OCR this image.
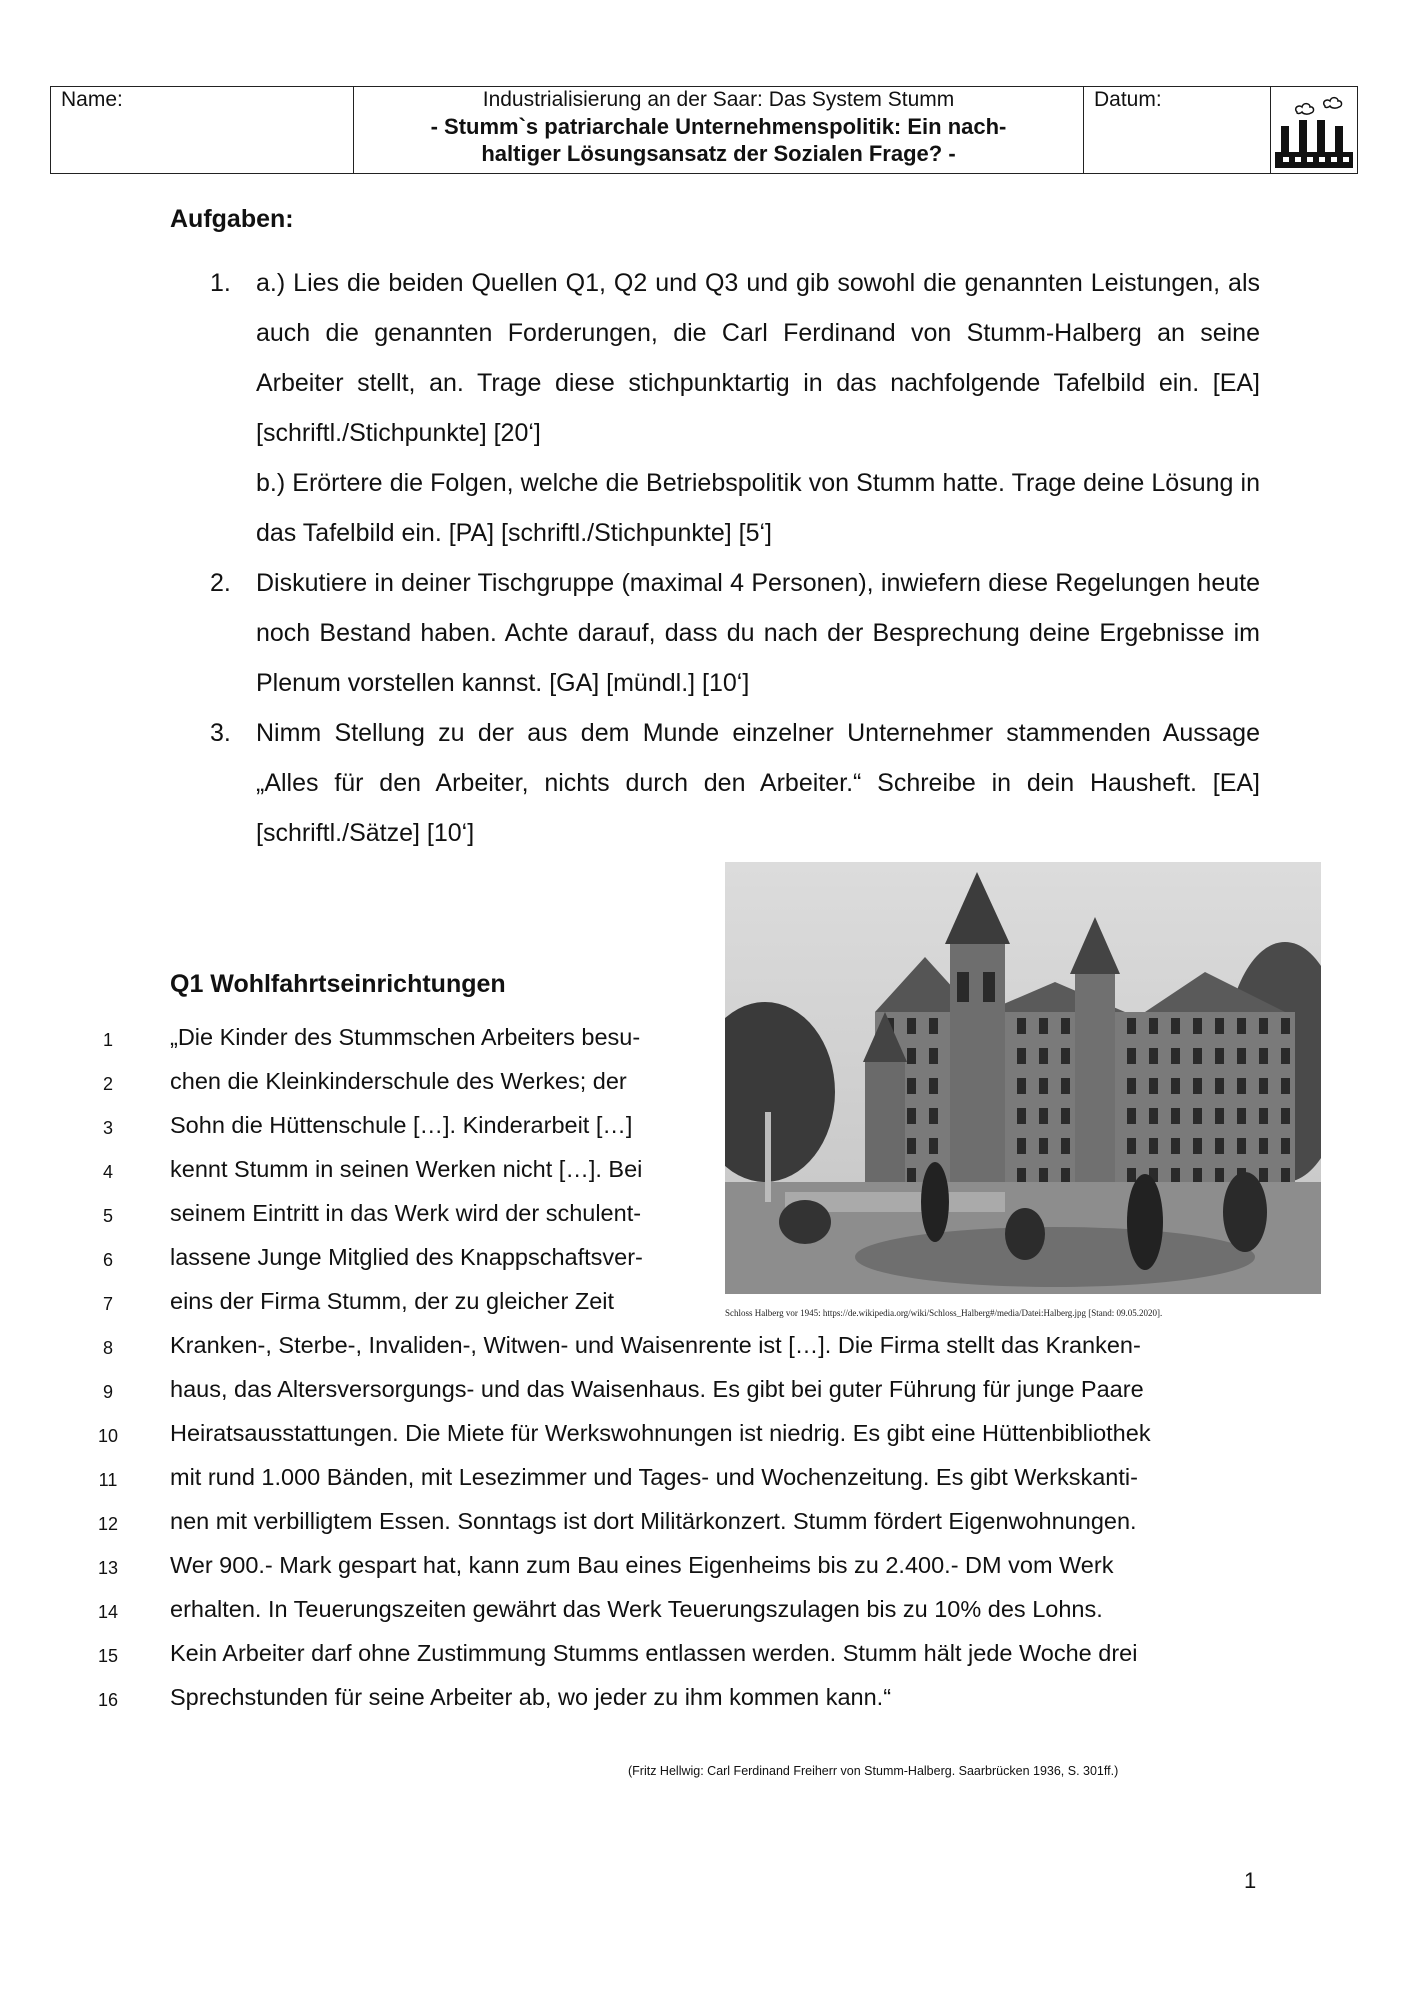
Name:	Industrialisierung an der Saar: Das System Stumm
- Stumm`s patriarchale Unternehmenspolitik: Ein nach-
haltiger Lösungsansatz der Sozialen Frage? -
Datum:
Aufgaben:
1. a.) Lies die beiden Quellen Q1, Q2 und Q3 und gib sowohl die genannten Leistungen, als auch die genannten Forderungen, die Carl Ferdinand von Stumm-Halberg an seine Arbeiter stellt, an. Trage diese stichpunktartig in das nachfolgende Tafelbild ein. [EA] [schriftl./Stichpunkte] [20‘]
b.) Erörtere die Folgen, welche die Betriebspolitik von Stumm hatte. Trage deine Lösung in das Tafelbild ein. [PA] [schriftl./Stichpunkte] [5‘]
2. Diskutiere in deiner Tischgruppe (maximal 4 Personen), inwiefern diese Regelungen heute noch Bestand haben. Achte darauf, dass du nach der Besprechung deine Ergebnisse im Plenum vorstellen kannst. [GA] [mündl.] [10‘]
3. Nimm Stellung zu der aus dem Munde einzelner Unternehmer stammenden Aussage „Alles für den Arbeiter, nichts durch den Arbeiter.“ Schreibe in dein Hausheft. [EA] [schriftl./Sätze] [10‘]
Schloss Halberg vor 1945: https://de.wikipedia.org/wiki/Schloss_Halberg#/media/Datei:Halberg.jpg [Stand: 09.05.2020].
Q1 Wohlfahrtseinrichtungen
1	„Die Kinder des Stummschen Arbeiters besu-
2	chen die Kleinkinderschule des Werkes; der
3	Sohn die Hüttenschule […]. Kinderarbeit […]
4	kennt Stumm in seinen Werken nicht […]. Bei
5	seinem Eintritt in das Werk wird der schulent-
6	lassene Junge Mitglied des Knappschaftsver-
7	eins der Firma Stumm, der zu gleicher Zeit
8	Kranken-, Sterbe-, Invaliden-, Witwen- und Waisenrente ist […]. Die Firma stellt das Kranken-
9	haus, das Altersversorgungs- und das Waisenhaus. Es gibt bei guter Führung für junge Paare
10	Heiratsausstattungen. Die Miete für Werkswohnungen ist niedrig. Es gibt eine Hüttenbibliothek
11	mit rund 1.000 Bänden, mit Lesezimmer und Tages- und Wochenzeitung. Es gibt Werkskanti-
12	nen mit verbilligtem Essen. Sonntags ist dort Militärkonzert. Stumm fördert Eigenwohnungen.
13	Wer 900.- Mark gespart hat, kann zum Bau eines Eigenheims bis zu 2.400.- DM vom Werk
14	erhalten. In Teuerungszeiten gewährt das Werk Teuerungszulagen bis zu 10% des Lohns.
15	Kein Arbeiter darf ohne Zustimmung Stumms entlassen werden. Stumm hält jede Woche drei
16	Sprechstunden für seine Arbeiter ab, wo jeder zu ihm kommen kann.“
(Fritz Hellwig: Carl Ferdinand Freiherr von Stumm-Halberg. Saarbrücken 1936, S. 301ff.)
1
